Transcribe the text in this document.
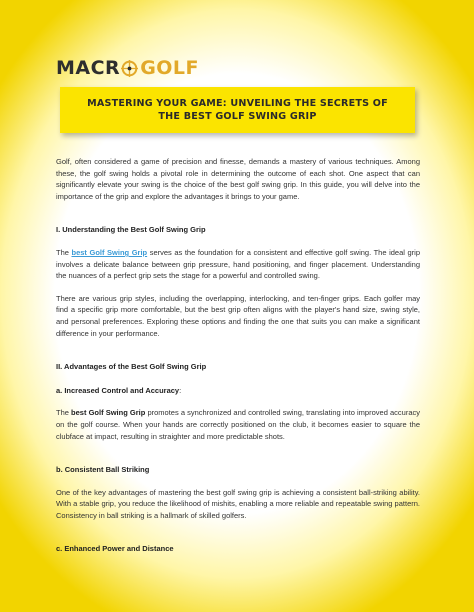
MACR GOLF
MASTERING YOUR GAME: UNVEILING THE SECRETS OF THE BEST GOLF SWING GRIP

Golf, often considered a game of precision and finesse, demands a mastery of various techniques. Among these, the golf swing holds a pivotal role in determining the outcome of each shot. One aspect that can significantly elevate your swing is the choice of the best golf swing grip. In this guide, you will delve into the importance of the grip and explore the advantages it brings to your game.

I. Understanding the Best Golf Swing Grip

The best Golf Swing Grip serves as the foundation for a consistent and effective golf swing. The ideal grip involves a delicate balance between grip pressure, hand positioning, and finger placement. Understanding the nuances of a perfect grip sets the stage for a powerful and controlled swing.

There are various grip styles, including the overlapping, interlocking, and ten-finger grips. Each golfer may find a specific grip more comfortable, but the best grip often aligns with the player's hand size, swing style, and personal preferences. Exploring these options and finding the one that suits you can make a significant difference in your performance.

II. Advantages of the Best Golf Swing Grip
a. Increased Control and Accuracy:

The best Golf Swing Grip promotes a synchronized and controlled swing, translating into improved accuracy on the golf course. When your hands are correctly positioned on the club, it becomes easier to square the clubface at impact, resulting in straighter and more predictable shots.

b. Consistent Ball Striking

One of the key advantages of mastering the best golf swing grip is achieving a consistent ball-striking ability. With a stable grip, you reduce the likelihood of mishits, enabling a more reliable and repeatable swing pattern. Consistency in ball striking is a hallmark of skilled golfers.

c. Enhanced Power and Distance
